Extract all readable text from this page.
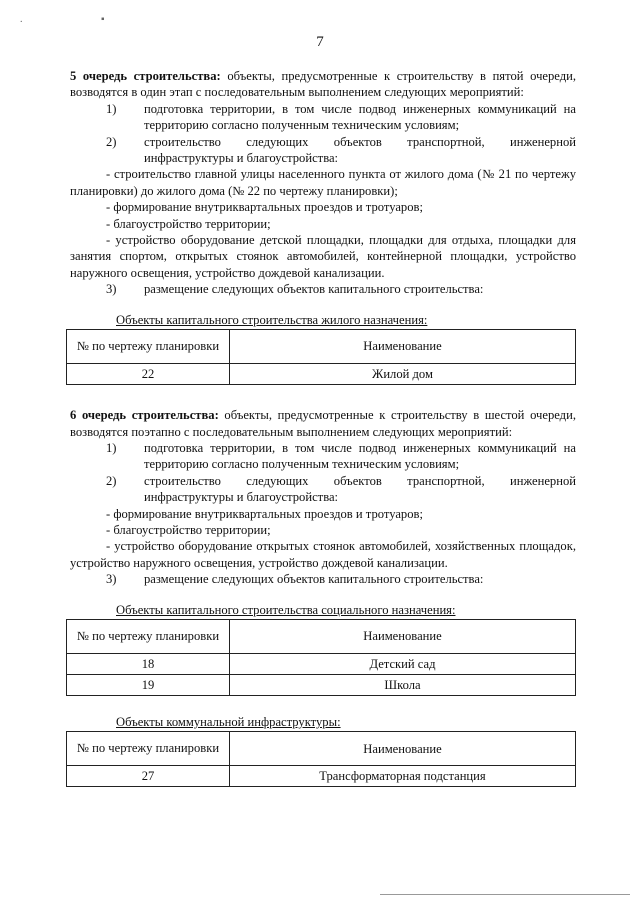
. ▪
7

5 очередь строительства: объекты, предусмотренные к строительству в пятой очереди, возводятся в один этап с последовательным выполнением следующих мероприятий:

1)	подготовка территории, в том числе подвод инженерных коммуникаций на территорию согласно полученным техническим условиям;
2)	строительство следующих объектов транспортной, инженерной инфраструктуры и благоустройства:

- строительство главной улицы населенного пункта от жилого дома (№ 21 по чертежу планировки) до жилого дома (№ 22 по чертежу планировки);

- формирование внутриквартальных проездов и тротуаров;

- благоустройство территории;

- устройство оборудование детской площадки, площадки для отдыха, площадки для занятия спортом, открытых стоянок автомобилей, контейнерной площадки, устройство наружного освещения, устройство дождевой канализации.

3)	размещение следующих объектов капитального строительства:

Объекты капитального строительства жилого назначения:

№ по чертежу планировки	Наименование
22	Жилой дом

6 очередь строительства: объекты, предусмотренные к строительству в шестой очереди, возводятся поэтапно с последовательным выполнением следующих мероприятий:

1)	подготовка территории, в том числе подвод инженерных коммуникаций на территорию согласно полученным техническим условиям;
2)	строительство следующих объектов транспортной, инженерной инфраструктуры и благоустройства:

- формирование внутриквартальных проездов и тротуаров;

- благоустройство территории;

- устройство оборудование открытых стоянок автомобилей, хозяйственных площадок, устройство наружного освещения, устройство дождевой канализации.

3)	размещение следующих объектов капитального строительства:

Объекты капитального строительства социального назначения:

№ по чертежу планировки	Наименование
18	Детский сад
19	Школа

Объекты коммунальной инфраструктуры:

№ по чертежу планировки	Наименование
27	Трансформаторная подстанция
